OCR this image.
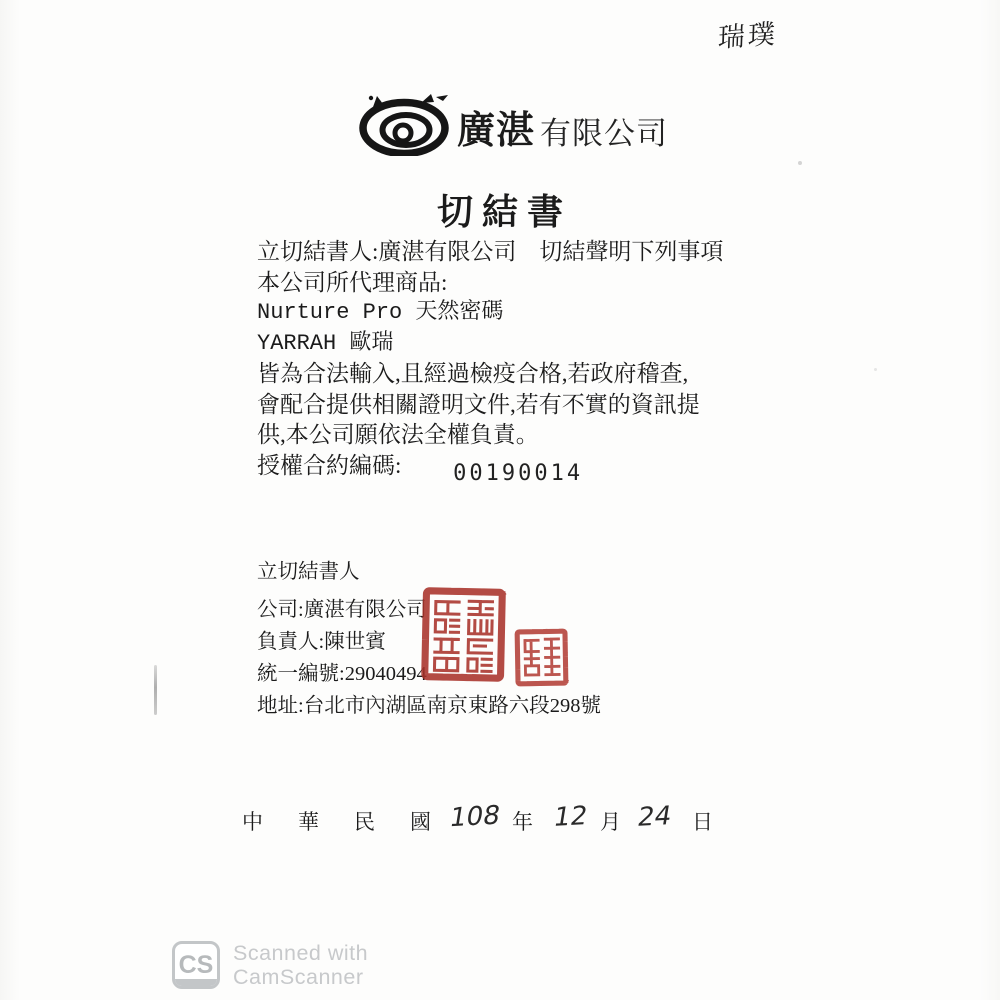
瑞璞
廣湛 有限公司
切結書
立切結書人:廣湛有限公司　切結聲明下列事項
本公司所代理商品:
Nurture Pro 天然密碼
YARRAH 歐瑞
皆為合法輸入,且經過檢疫合格,若政府稽查,
會配合提供相關證明文件,若有不實的資訊提
供,本公司願依法全權負責。
授權合約編碼: 00190014
立切結書人
公司:廣湛有限公司
負責人:陳世賓
統一編號:29040494
地址:台北市內湖區南京東路六段298號
中華民國
108 年 12 月 24 日
CS Scanned with
CamScanner
